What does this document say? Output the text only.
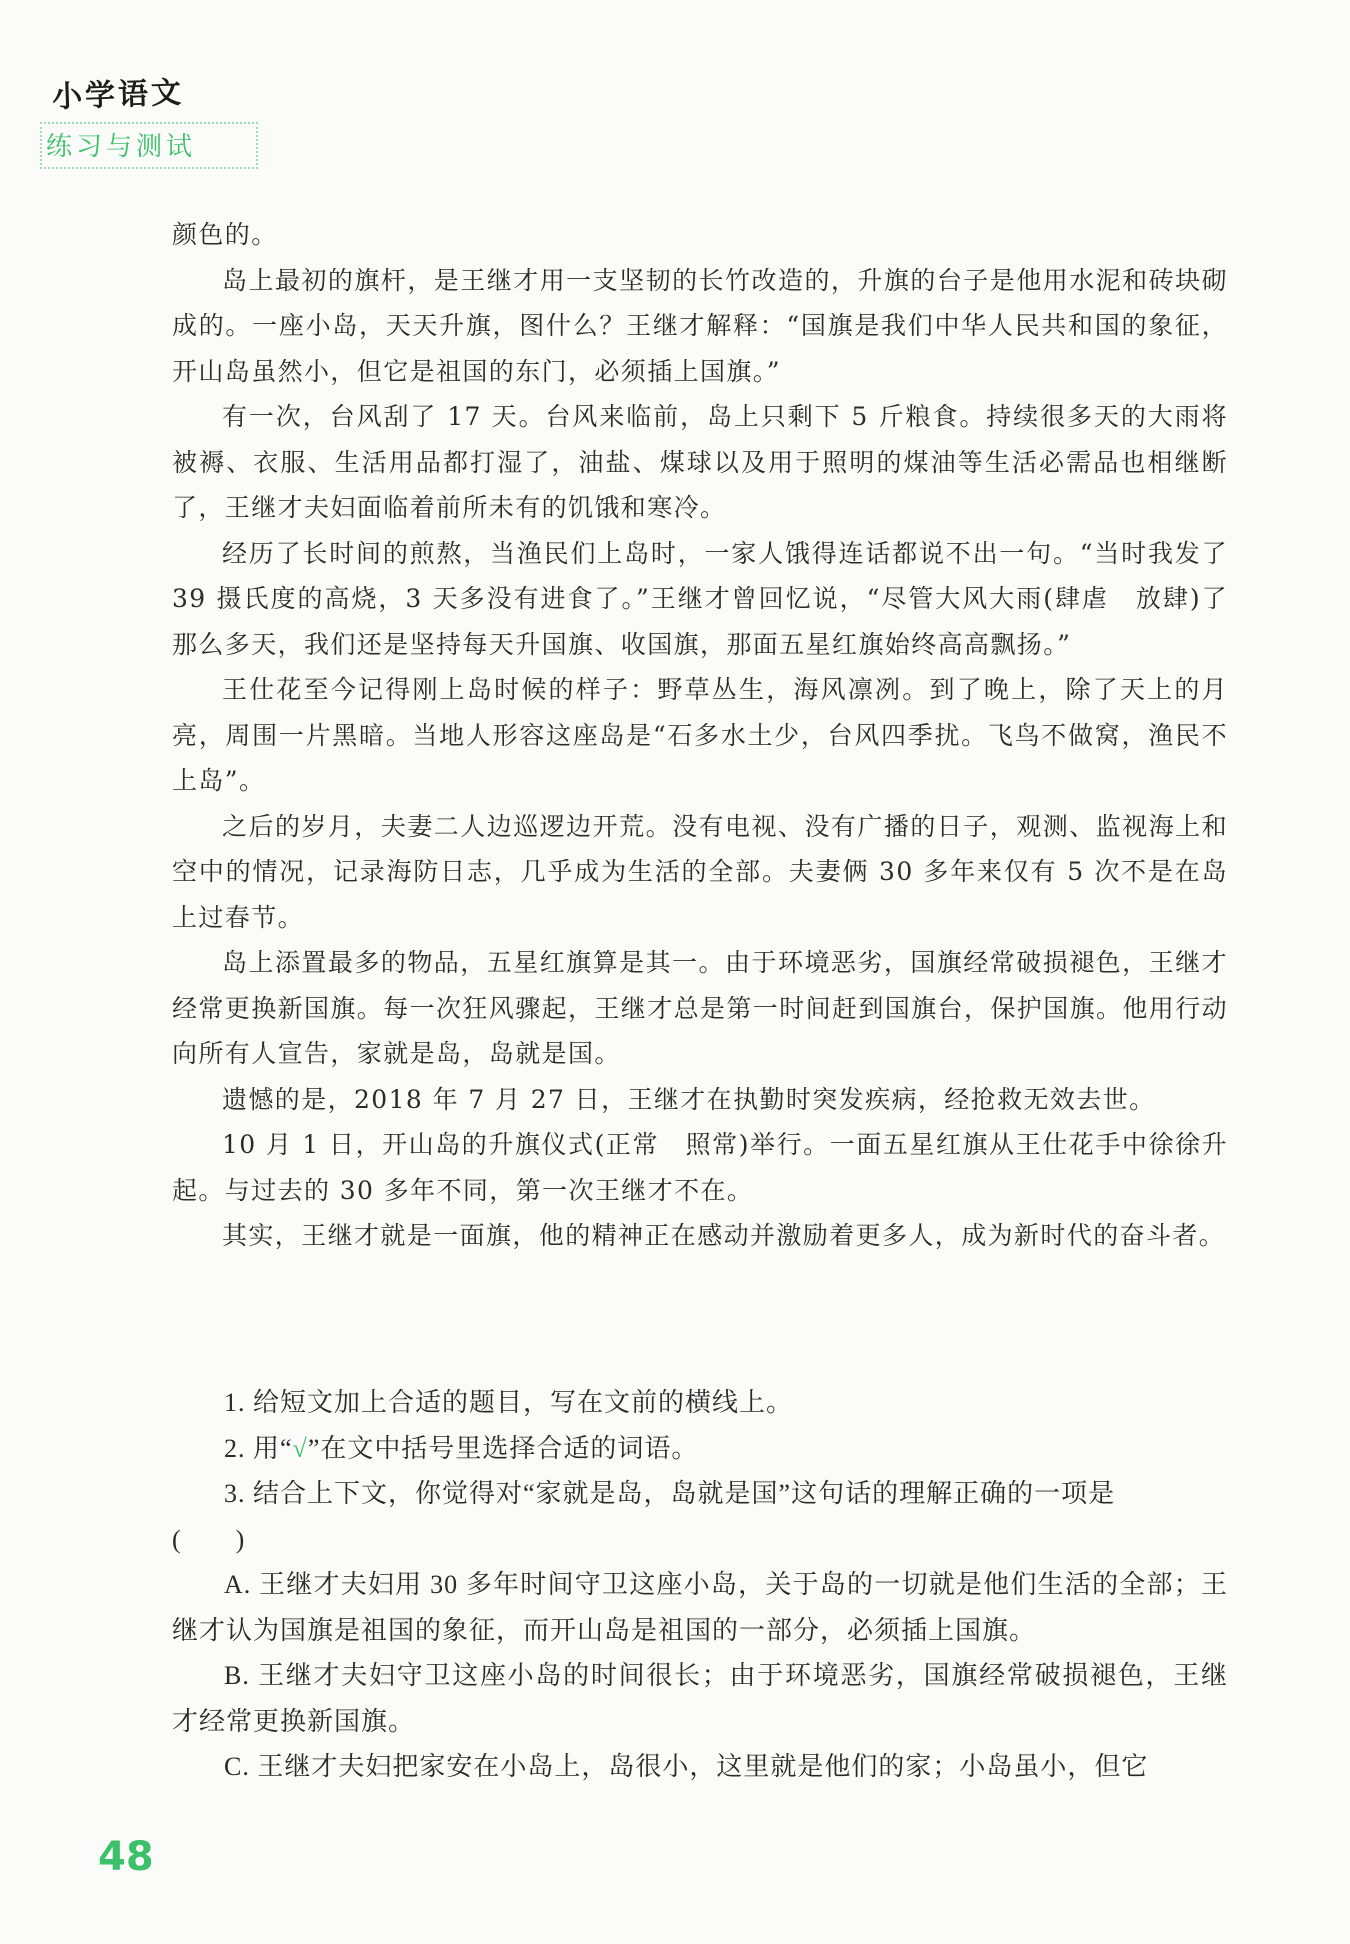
小学语文
练习与测试

颜色的。

岛上最初的旗杆，是王继才用一支坚韧的长竹改造的，升旗的台子是他用水泥和砖块砌成的。一座小岛，天天升旗，图什么？王继才解释：“国旗是我们中华人民共和国的象征，开山岛虽然小，但它是祖国的东门，必须插上国旗。”

有一次，台风刮了 17 天。台风来临前，岛上只剩下 5 斤粮食。持续很多天的大雨将被褥、衣服、生活用品都打湿了，油盐、煤球以及用于照明的煤油等生活必需品也相继断了，王继才夫妇面临着前所未有的饥饿和寒冷。

经历了长时间的煎熬，当渔民们上岛时，一家人饿得连话都说不出一句。“当时我发了 39 摄氏度的高烧，3 天多没有进食了。”王继才曾回忆说，“尽管大风大雨(肆虐　放肆)了那么多天，我们还是坚持每天升国旗、收国旗，那面五星红旗始终高高飘扬。”

王仕花至今记得刚上岛时候的样子：野草丛生，海风凛冽。到了晚上，除了天上的月亮，周围一片黑暗。当地人形容这座岛是“石多水土少，台风四季扰。飞鸟不做窝，渔民不上岛”。

之后的岁月，夫妻二人边巡逻边开荒。没有电视、没有广播的日子，观测、监视海上和空中的情况，记录海防日志，几乎成为生活的全部。夫妻俩 30 多年来仅有 5 次不是在岛上过春节。

岛上添置最多的物品，五星红旗算是其一。由于环境恶劣，国旗经常破损褪色，王继才经常更换新国旗。每一次狂风骤起，王继才总是第一时间赶到国旗台，保护国旗。他用行动向所有人宣告，家就是岛，岛就是国。

遗憾的是，2018 年 7 月 27 日，王继才在执勤时突发疾病，经抢救无效去世。

10 月 1 日，开山岛的升旗仪式(正常　照常)举行。一面五星红旗从王仕花手中徐徐升起。与过去的 30 多年不同，第一次王继才不在。

其实，王继才就是一面旗，他的精神正在感动并激励着更多人，成为新时代的奋斗者。

1. 给短文加上合适的题目，写在文前的横线上。

2. 用“√”在文中括号里选择合适的词语。

3. 结合上下文，你觉得对“家就是岛，岛就是国”这句话的理解正确的一项是

(　　)

A. 王继才夫妇用 30 多年时间守卫这座小岛，关于岛的一切就是他们生活的全部；王继才认为国旗是祖国的象征，而开山岛是祖国的一部分，必须插上国旗。

B. 王继才夫妇守卫这座小岛的时间很长；由于环境恶劣，国旗经常破损褪色，王继才经常更换新国旗。

C. 王继才夫妇把家安在小岛上，岛很小，这里就是他们的家；小岛虽小，但它

48
